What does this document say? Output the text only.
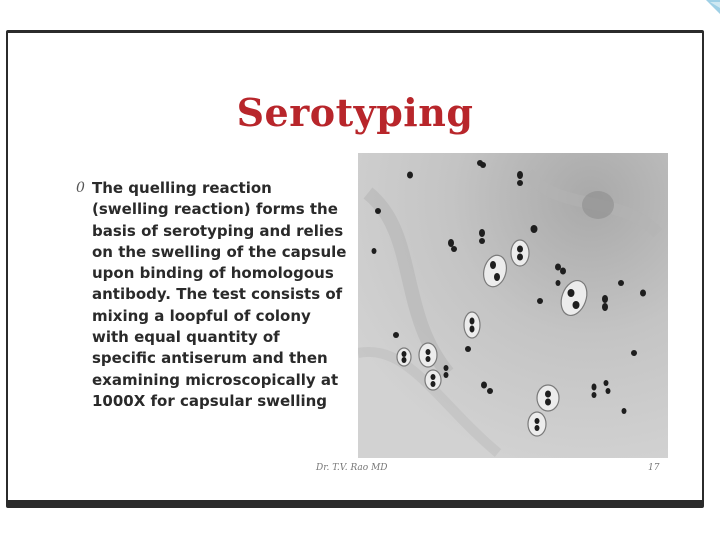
Serotyping
0 The quelling reaction (swelling reaction) forms the basis of serotyping and relies on the swelling of the capsule upon binding of homologous antibody. The test consists of mixing a loopful of colony with equal quantity of specific antiserum and then examining microscopically at 1000X for capsular swelling
Dr. T.V. Rao MD	17
